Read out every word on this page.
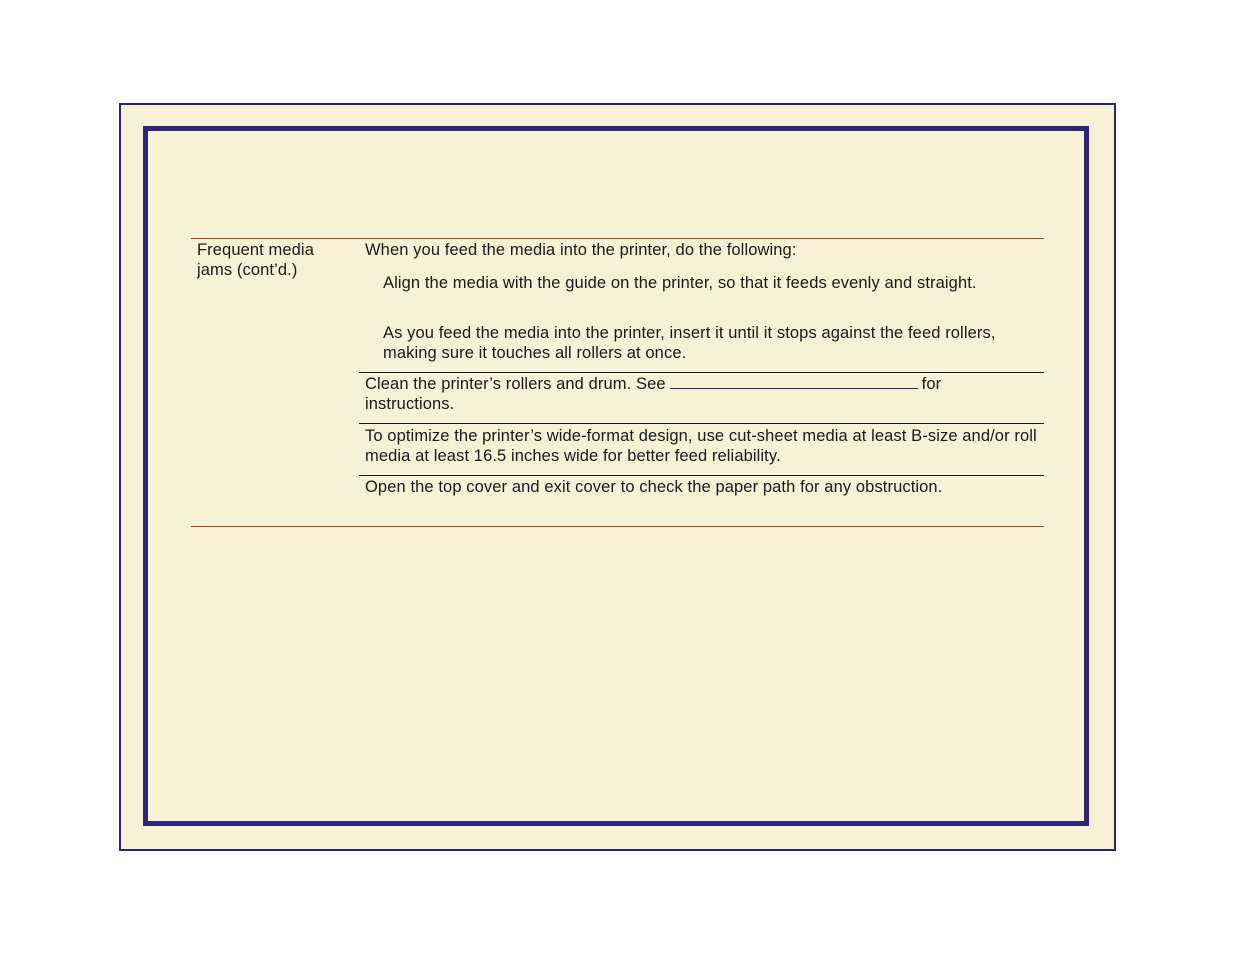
Frequent media jams (cont’d.)
When you feed the media into the printer, do the following:
Align the media with the guide on the printer, so that it feeds evenly and straight.
As you feed the media into the printer, insert it until it stops against the feed rollers, making sure it touches all rollers at once.
Clean the printer’s rollers and drum. See	for
instructions.
To optimize the printer’s wide-format design, use cut-sheet media at least B-size and/or roll media at least 16.5 inches wide for better feed reliability.
Open the top cover and exit cover to check the paper path for any obstruction.
